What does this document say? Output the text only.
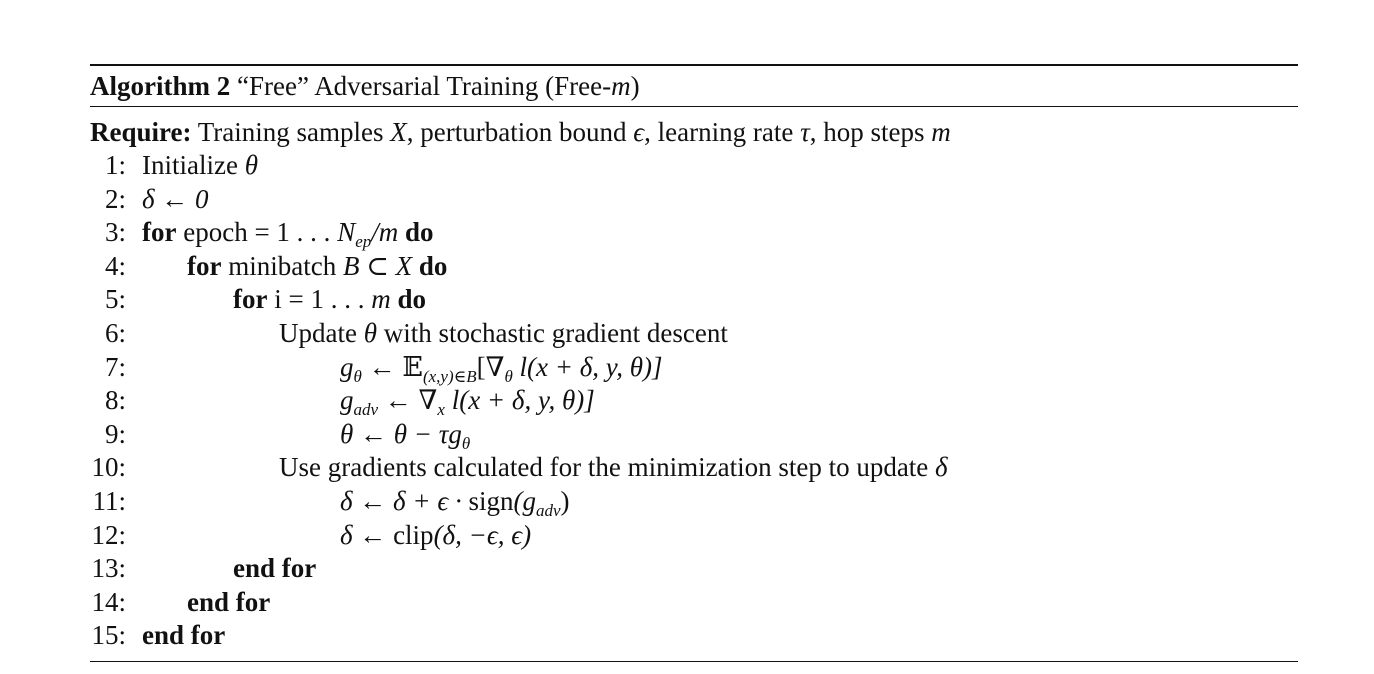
Algorithm 2 “Free” Adversarial Training (Free-m)
Require: Training samples X, perturbation bound ϵ, learning rate τ, hop steps m
1: Initialize θ
2: δ ← 0
3: for epoch = 1 . . . $N_{ep}/m$ do
4: for minibatch B ⊂ X do
5:	for i = 1 . . . m do
6:	Update θ with stochastic gradient descent
7:	$g_\theta$ ← $𝔼_{(x,y)\in B}[\nabla_\theta$ l(x + δ, y, θ)]
8:	$g_{adv}$ ← $\nabla_x$ l(x + δ, y, θ)]
9:	θ ← $\theta - \tau g_\theta$
10:	Use gradients calculated for the minimization step to update δ
11:	δ ← $\delta + \epsilon \cdot sign(g_{adv})$
12:	δ ← clip(δ, −ϵ, ϵ)
13:	end for
14: end for
15: end for
